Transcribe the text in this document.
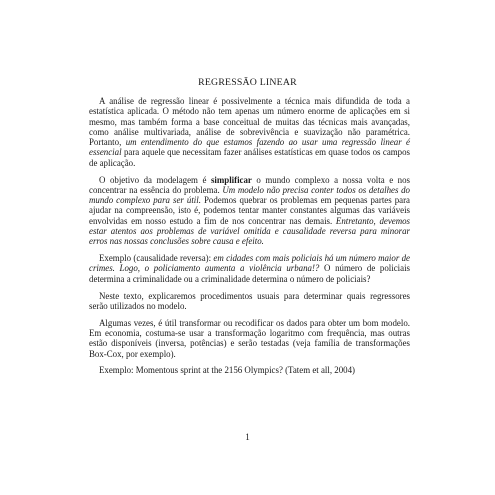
REGRESSÃO LINEAR

A análise de regressão linear é possivelmente a técnica mais difundida de toda a estatística aplicada. O método não tem apenas um número enorme de aplicações em si mesmo, mas também forma a base conceitual de muitas das técnicas mais avançadas, como análise multivariada, análise de sobrevivência e suavização não paramétrica. Portanto, um entendimento do que estamos fazendo ao usar uma regressão linear é essencial para aquele que necessitam fazer análises estatísticas em quase todos os campos de aplicação.

O objetivo da modelagem é simplificar o mundo complexo a nossa volta e nos concentrar na essência do problema. Um modelo não precisa conter todos os detalhes do mundo complexo para ser útil. Podemos quebrar os problemas em pequenas partes para ajudar na compreensão, isto é, podemos tentar manter constantes algumas das variáveis envolvidas em nosso estudo a fim de nos concentrar nas demais. Entretanto, devemos estar atentos aos problemas de variável omitida e causalidade reversa para minorar erros nas nossas conclusões sobre causa e efeito.

Exemplo (causalidade reversa): em cidades com mais policiais há um número maior de crimes. Logo, o policiamento aumenta a violência urbana!? O número de policiais determina a criminalidade ou a criminalidade determina o número de policiais?

Neste texto, explicaremos procedimentos usuais para determinar quais regressores serão utilizados no modelo.

Algumas vezes, é útil transformar ou recodificar os dados para obter um bom modelo. Em economia, costuma-se usar a transformação logaritmo com frequência, mas outras estão disponíveis (inversa, potências) e serão testadas (veja família de transformações Box-Cox, por exemplo).

Exemplo: Momentous sprint at the 2156 Olympics? (Tatem et all, 2004)

1
